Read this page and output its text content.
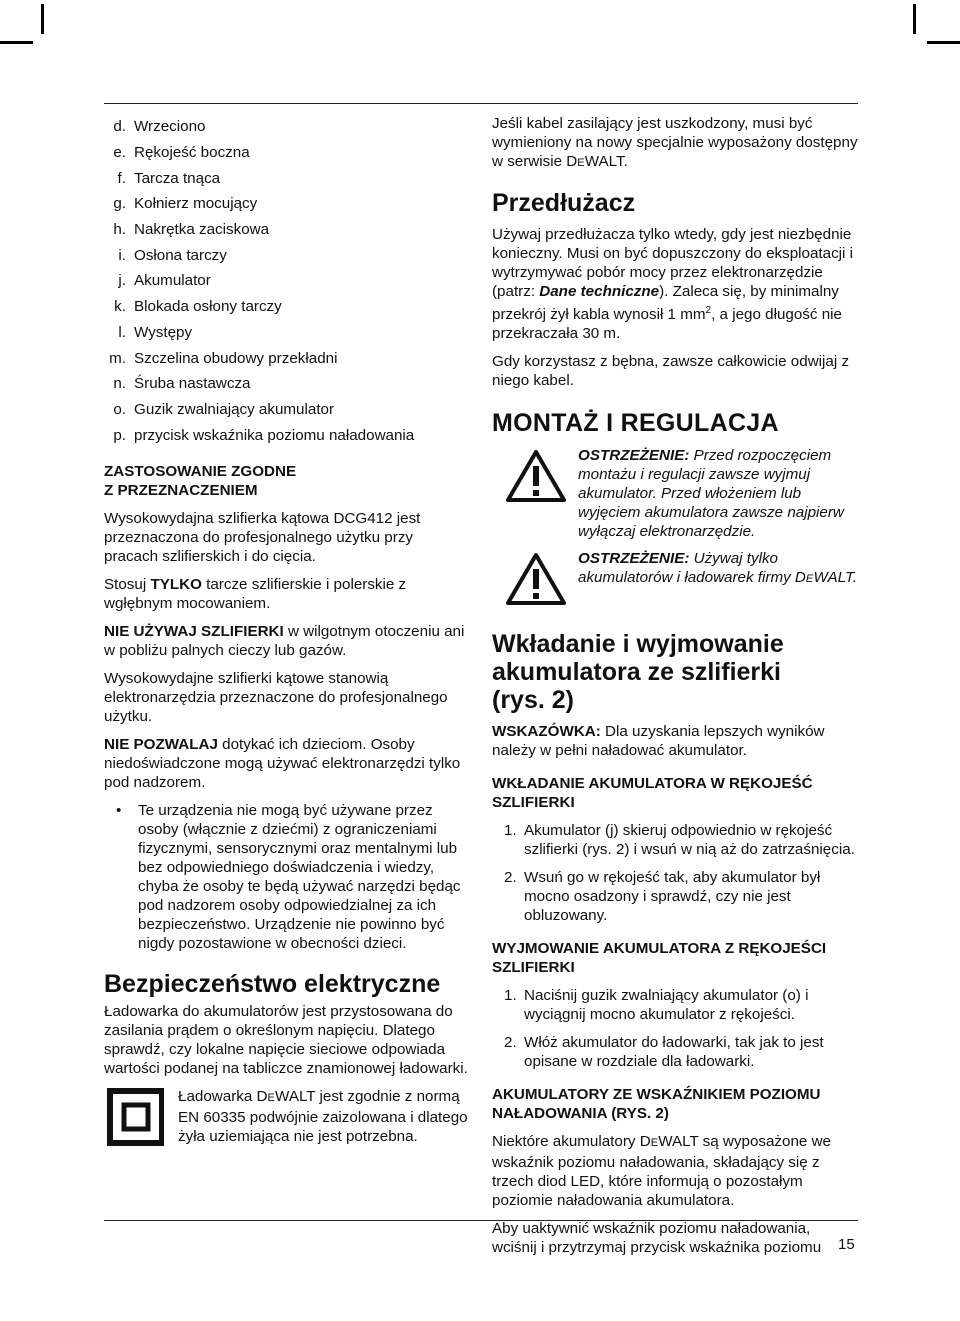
d. Wrzeciono
e. Rękojeść boczna
f. Tarcza tnąca
g. Kołnierz mocujący
h. Nakrętka zaciskowa
i. Osłona tarczy
j. Akumulator
k. Blokada osłony tarczy
l. Występy
m. Szczelina obudowy przekładni
n. Śruba nastawcza
o. Guzik zwalniający akumulator
p. przycisk wskaźnika poziomu naładowania
ZASTOSOWANIE ZGODNE
Z PRZEZNACZENIEM

Wysokowydajna szlifierka kątowa DCG412 jest przeznaczona do profesjonalnego użytku przy pracach szlifierskich i do cięcia.

Stosuj TYLKO tarcze szlifierskie i polerskie z wgłębnym mocowaniem.

NIE UŻYWAJ SZLIFIERKI w wilgotnym otoczeniu ani w pobliżu palnych cieczy lub gazów.

Wysokowydajne szlifierki kątowe stanowią elektronarzędzia przeznaczone do profesjonalnego użytku.

NIE POZWALAJ dotykać ich dzieciom. Osoby niedoświadczone mogą używać elektronarzędzi tylko pod nadzorem.

•	Te urządzenia nie mogą być używane przez osoby (włącznie z dziećmi) z ograniczeniami fizycznymi, sensorycznymi oraz mentalnymi lub bez odpowiedniego doświadczenia i wiedzy, chyba że osoby te będą używać narzędzi będąc pod nadzorem osoby odpowiedzialnej za ich bezpieczeństwo. Urządzenie nie powinno być nigdy pozostawione w obecności dzieci.
Bezpieczeństwo elektryczne

Ładowarka do akumulatorów jest przystosowana do zasilania prądem o określonym napięciu. Dlatego sprawdź, czy lokalne napięcie sieciowe odpowiada wartości podanej na tabliczce znamionowej ładowarki.

Ładowarka DEWALT jest zgodnie z normą EN 60335 podwójnie zaizolowana i dlatego żyła uziemiająca nie jest potrzebna.

Jeśli kabel zasilający jest uszkodzony, musi być wymieniony na nowy specjalnie wyposażony dostępny w serwisie DEWALT.

Przedłużacz

Używaj przedłużacza tylko wtedy, gdy jest niezbędnie konieczny. Musi on być dopuszczony do eksploatacji i wytrzymywać pobór mocy przez elektronarzędzie (patrz: Dane techniczne). Zaleca się, by minimalny przekrój żył kabla wynosił 1 $mm^2$, a jego długość nie przekraczała 30 m.

Gdy korzystasz z bębna, zawsze całkowicie odwijaj z niego kabel.

MONTAŻ I REGULACJA
OSTRZEŻENIE: Przed rozpoczęciem montażu i regulacji zawsze wyjmuj akumulator. Przed włożeniem lub wyjęciem akumulatora zawsze najpierw wyłączaj elektronarzędzie.
OSTRZEŻENIE: Używaj tylko akumulatorów i ładowarek firmy DEWALT.
Wkładanie i wyjmowanie
akumulatora ze szlifierki
(rys. 2)

WSKAZÓWKA: Dla uzyskania lepszych wyników należy w pełni naładować akumulator.

WKŁADANIE AKUMULATORA W RĘKOJEŚĆ
SZLIFIERKI
1. Akumulator (j) skieruj odpowiednio w rękojeść szlifierki (rys. 2) i wsuń w nią aż do zatrzaśnięcia.
2. Wsuń go w rękojeść tak, aby akumulator był mocno osadzony i sprawdź, czy nie jest obluzowany.
WYJMOWANIE AKUMULATORA Z RĘKOJEŚCI
SZLIFIERKI
1. Naciśnij guzik zwalniający akumulator (o) i wyciągnij mocno akumulator z rękojeści.
2. Włóż akumulator do ładowarki, tak jak to jest opisane w rozdziale dla ładowarki.
AKUMULATORY ZE WSKAŹNIKIEM POZIOMU
NAŁADOWANIA (RYS. 2)

Niektóre akumulatory DEWALT są wyposażone we wskaźnik poziomu naładowania, składający się z trzech diod LED, które informują o pozostałym poziomie naładowania akumulatora.

Aby uaktywnić wskaźnik poziomu naładowania, wciśnij i przytrzymaj przycisk wskaźnika poziomu	15
